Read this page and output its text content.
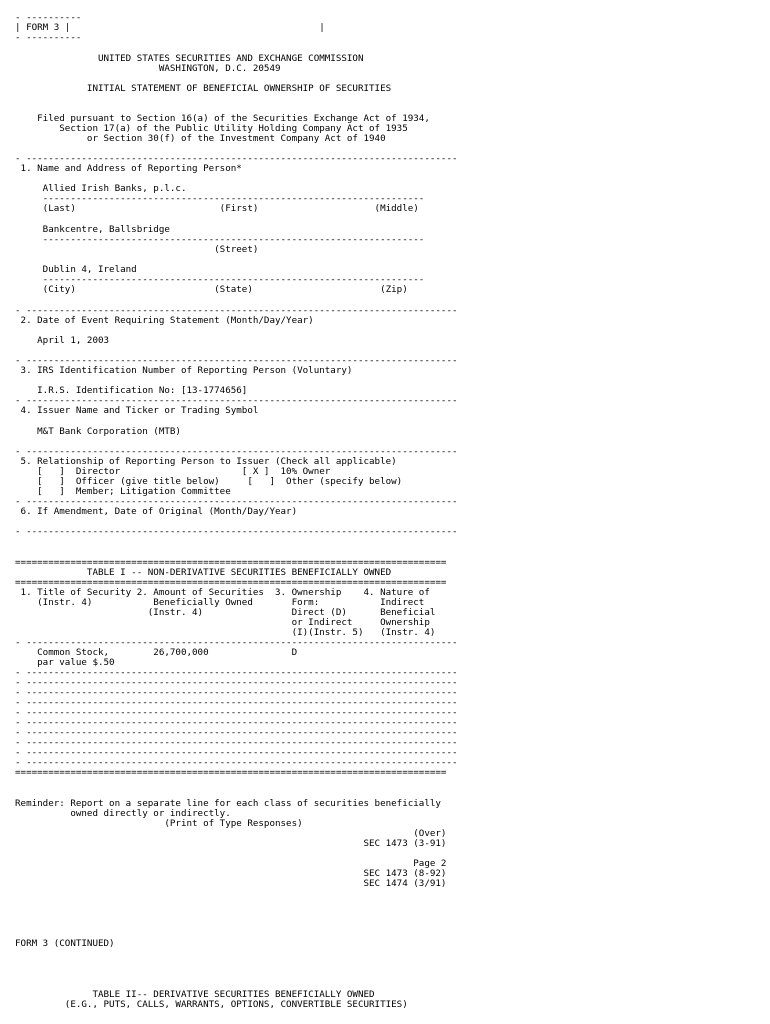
- ----------
| FORM 3 |                                             |
- ----------
UNITED STATES SECURITIES AND EXCHANGE COMMISSION
WASHINGTON, D.C. 20549
INITIAL STATEMENT OF BENEFICIAL OWNERSHIP OF SECURITIES
Filed pursuant to Section 16(a) of the Securities Exchange Act of 1934,
Section 17(a) of the Public Utility Holding Company Act of 1935
or Section 30(f) of the Investment Company Act of 1940
- ------------------------------------------------------------------------------
1. Name and Address of Reporting Person*
Allied Irish Banks, p.l.c.
---------------------------------------------------------------------
(Last)                          (First)                     (Middle)
Bankcentre, Ballsbridge
---------------------------------------------------------------------
(Street)
Dublin 4, Ireland
---------------------------------------------------------------------
(City)                         (State)                       (Zip)
- ------------------------------------------------------------------------------
2. Date of Event Requiring Statement (Month/Day/Year)
April 1, 2003
- ------------------------------------------------------------------------------
3. IRS Identification Number of Reporting Person (Voluntary)
I.R.S. Identification No: [13-1774656]
- ------------------------------------------------------------------------------
4. Issuer Name and Ticker or Trading Symbol
M&T Bank Corporation (MTB)
- ------------------------------------------------------------------------------
5. Relationship of Reporting Person to Issuer (Check all applicable)
[   ]  Director                      [ X ]  10% Owner
[   ]  Officer (give title below)     [   ]  Other (specify below)
[   ]  Member; Litigation Committee
- ------------------------------------------------------------------------------
6. If Amendment, Date of Original (Month/Day/Year)
- ------------------------------------------------------------------------------
==============================================================================
TABLE I -- NON-DERIVATIVE SECURITIES BENEFICIALLY OWNED
==============================================================================
1. Title of Security 2. Amount of Securities  3. Ownership    4. Nature of
(Instr. 4)           Beneficially Owned       Form:           Indirect
(Instr. 4)                Direct (D)      Beneficial
or Indirect     Ownership
(I)(Instr. 5)   (Instr. 4)
- ------------------------------------------------------------------------------
Common Stock,        26,700,000               D
par value $.50
- ------------------------------------------------------------------------------
- ------------------------------------------------------------------------------
- ------------------------------------------------------------------------------
- ------------------------------------------------------------------------------
- ------------------------------------------------------------------------------
- ------------------------------------------------------------------------------
- ------------------------------------------------------------------------------
- ------------------------------------------------------------------------------
- ------------------------------------------------------------------------------
- ------------------------------------------------------------------------------
==============================================================================
Reminder: Report on a separate line for each class of securities beneficially
owned directly or indirectly.
(Print of Type Responses)
(Over)
SEC 1473 (3-91)
Page 2
SEC 1473 (8-92)
SEC 1474 (3/91)
FORM 3 (CONTINUED)
TABLE II-- DERIVATIVE SECURITIES BENEFICIALLY OWNED
(E.G., PUTS, CALLS, WARRANTS, OPTIONS, CONVERTIBLE SECURITIES)
